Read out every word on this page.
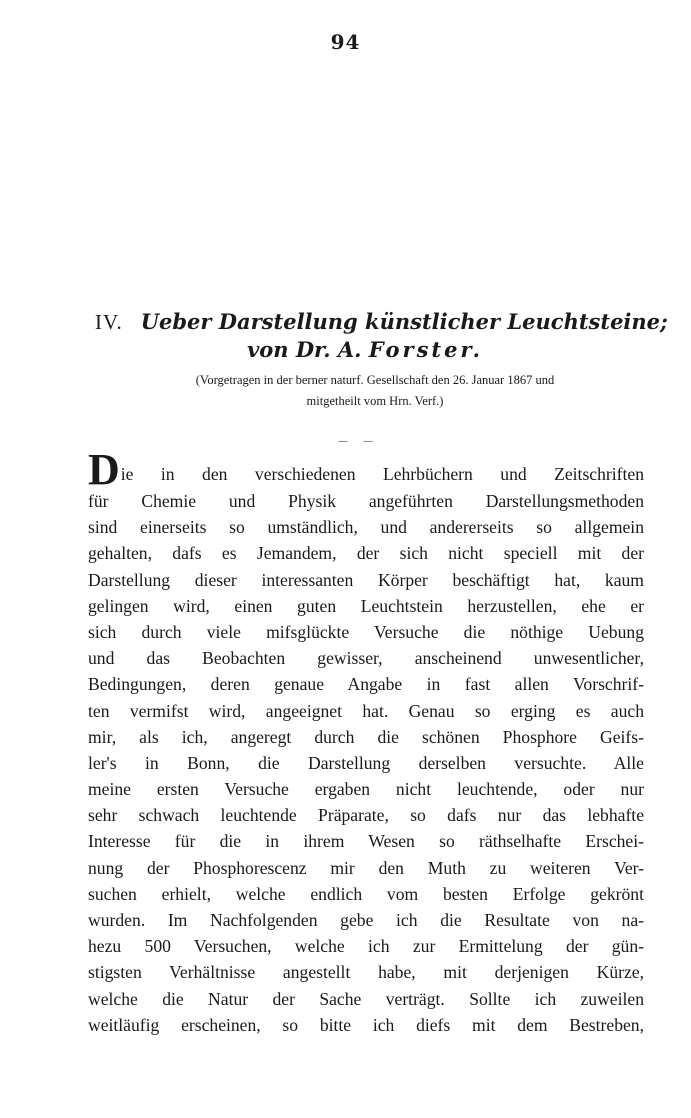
94
IV. Ueber Darstellung künstlicher Leuchtsteine;
von Dr. A. Forster.
(Vorgetragen in der berner naturf. Gesellschaft den 26. Januar 1867 und
mitgetheilt vom Hrn. Verf.)
— —
Die in den verschiedenen Lehrbüchern und Zeitschriften
für Chemie und Physik angeführten Darstellungsmethoden
sind einerseits so umständlich, und andererseits so allgemein
gehalten, dafs es Jemandem, der sich nicht speciell mit der
Darstellung dieser interessanten Körper beschäftigt hat, kaum
gelingen wird, einen guten Leuchtstein herzustellen, ehe er
sich durch viele mifsglückte Versuche die nöthige Uebung
und das Beobachten gewisser, anscheinend unwesentlicher,
Bedingungen, deren genaue Angabe in fast allen Vorschrif-
ten vermifst wird, angeeignet hat. Genau so erging es auch
mir, als ich, angeregt durch die schönen Phosphore Geifs-
ler's in Bonn, die Darstellung derselben versuchte. Alle
meine ersten Versuche ergaben nicht leuchtende, oder nur
sehr schwach leuchtende Präparate, so dafs nur das lebhafte
Interesse für die in ihrem Wesen so räthselhafte Erschei-
nung der Phosphorescenz mir den Muth zu weiteren Ver-
suchen erhielt, welche endlich vom besten Erfolge gekrönt
wurden. Im Nachfolgenden gebe ich die Resultate von na-
hezu 500 Versuchen, welche ich zur Ermittelung der gün-
stigsten Verhältnisse angestellt habe, mit derjenigen Kürze,
welche die Natur der Sache verträgt. Sollte ich zuweilen
weitläufig erscheinen, so bitte ich diefs mit dem Bestreben,
